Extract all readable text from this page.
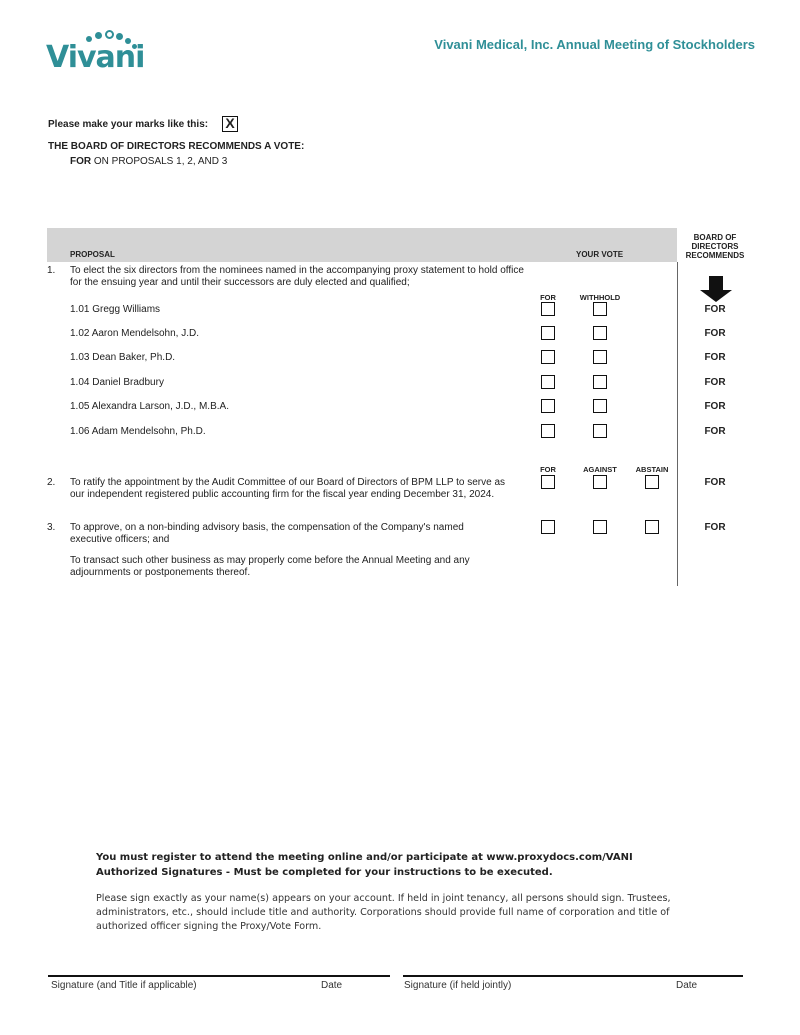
Vivani	Vivani Medical, Inc. Annual Meeting of Stockholders
Please make your marks like this: X
THE BOARD OF DIRECTORS RECOMMENDS A VOTE:
FOR ON PROPOSALS 1, 2, AND 3
PROPOSAL	YOUR VOTE
BOARD OF
DIRECTORS
RECOMMENDS
1. To elect the six directors from the nominees named in the accompanying proxy statement to hold office for the ensuing year and until their successors are duly elected and qualified;
FOR	WITHHOLD
1.01 Gregg Williams	FOR
1.02 Aaron Mendelsohn, J.D.	FOR
1.03 Dean Baker, Ph.D.	FOR
1.04 Daniel Bradbury	FOR
1.05 Alexandra Larson, J.D., M.B.A.	FOR
1.06 Adam Mendelsohn, Ph.D.	FOR
FOR	AGAINST	ABSTAIN
2. To ratify the appointment by the Audit Committee of our Board of Directors of BPM LLP to serve as our independent registered public accounting firm for the fiscal year ending December 31, 2024.
FOR
3. To approve, on a non-binding advisory basis, the compensation of the Company's named executive officers; and
FOR
To transact such other business as may properly come before the Annual Meeting and any adjournments or postponements thereof.
You must register to attend the meeting online and/or participate at www.proxydocs.com/VANI
Authorized Signatures - Must be completed for your instructions to be executed.
Please sign exactly as your name(s) appears on your account. If held in joint tenancy, all persons should sign. Trustees, administrators, etc., should include title and authority. Corporations should provide full name of corporation and title of authorized officer signing the Proxy/Vote Form.
Signature (and Title if applicable)	Date	Signature (if held jointly)	Date
